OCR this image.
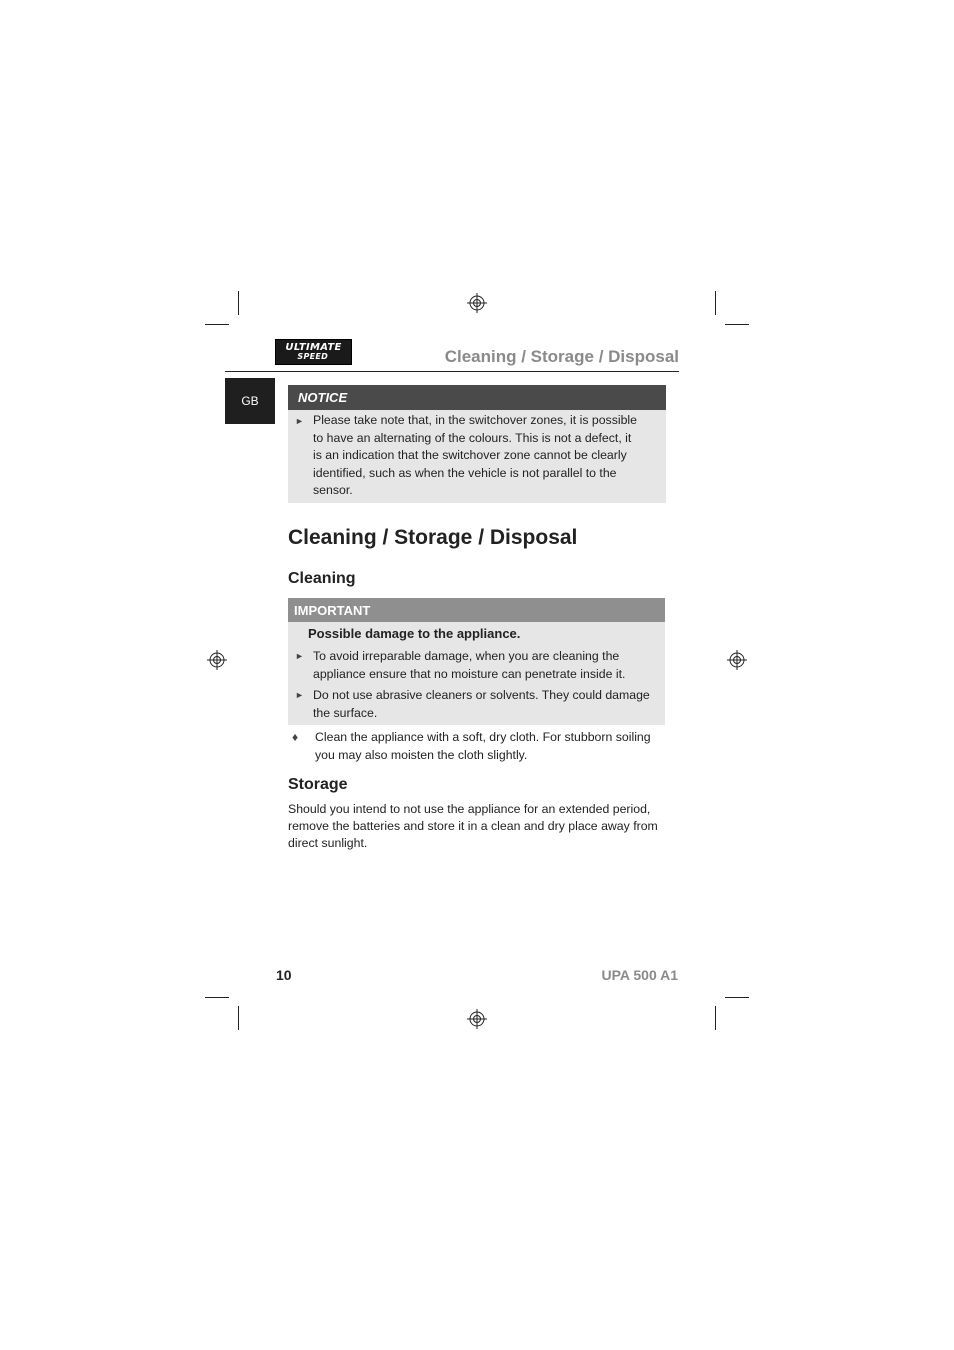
ULTIMATE
SPEED	Cleaning / Storage / Disposal
GB	NOTICE
► Please take note that, in the switchover zones, it is possible
to have an alternating of the colours. This is not a defect, it
is an indication that the switchover zone cannot be clearly
identified, such as when the vehicle is not parallel to the
sensor.
Cleaning / Storage / Disposal
Cleaning
IMPORTANT
Possible damage to the appliance.
► To avoid irreparable damage, when you are cleaning the
appliance ensure that no moisture can penetrate inside it.
► Do not use abrasive cleaners or solvents. They could damage
the surface.
♦ Clean the appliance with a soft, dry cloth. For stubborn soiling
you may also moisten the cloth slightly.
Storage
Should you intend to not use the appliance for an extended period,
remove the batteries and store it in a clean and dry place away from
direct sunlight.
10	UPA 500 A1
